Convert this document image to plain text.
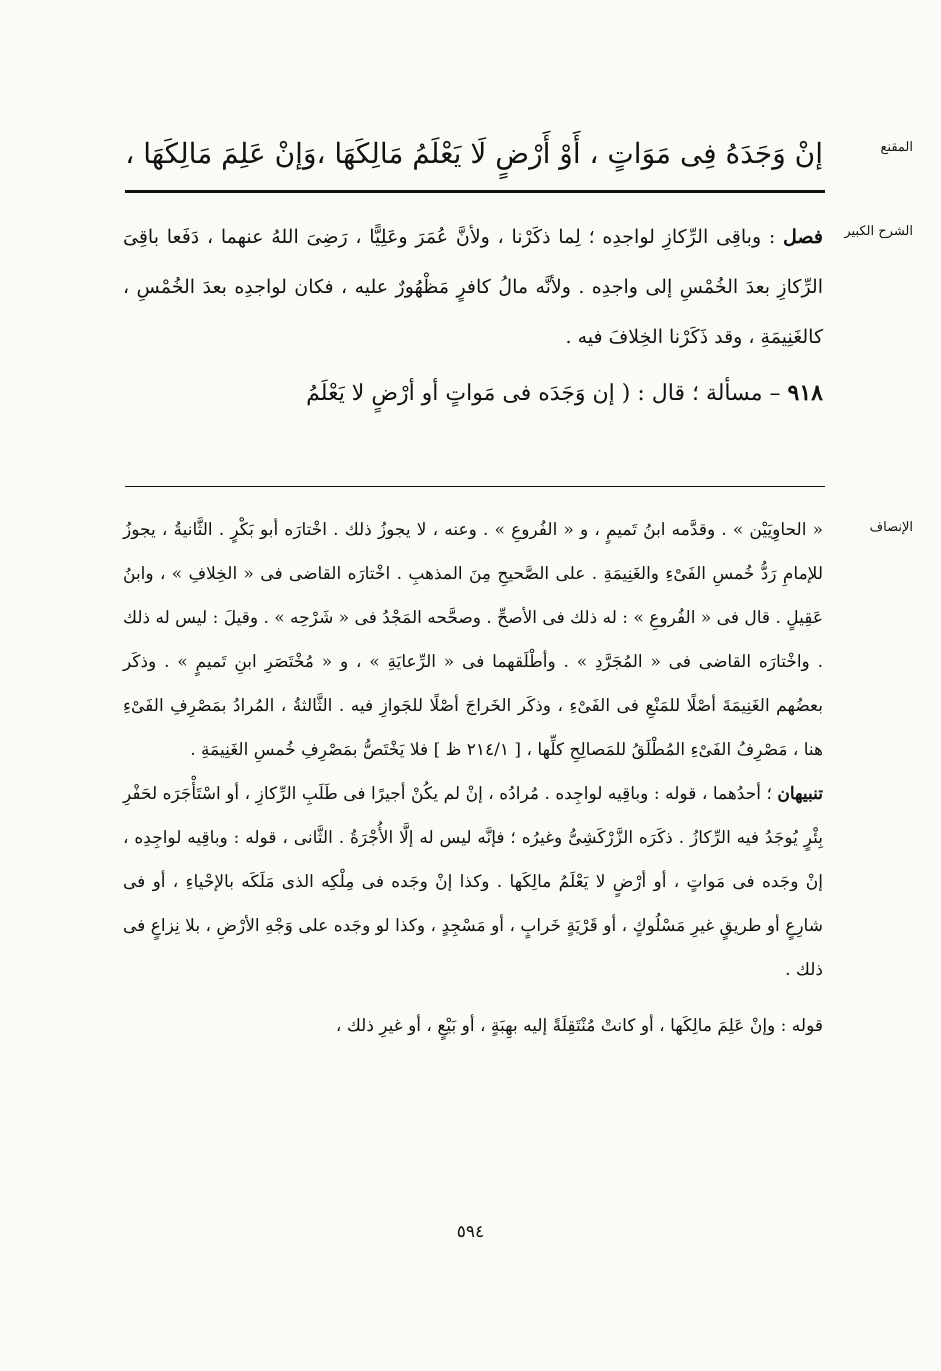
المقنع

إنْ وَجَدَهُ فِى مَوَاتٍ ، أَوْ أَرْضٍ لَا يَعْلَمُ مَالِكَهَا ،وَإنْ عَلِمَ مَالِكَهَا ،

الشرح الكبير

فصل : وباقِى الرِّكازِ لواجدِه ؛ لِما ذكَرْنا ، ولأنَّ عُمَرَ وعَلِيًّا ، رَضِىَ اللهُ عنهما ، دَفَعا باقِىَ الرِّكازِ بعدَ الخُمْسِ إلى واجدِه . ولأنَّه مالُ كافرٍ مَظْهُورٌ عليه ، فكان لواجدِه بعدَ الخُمْسِ ، كالغَنِيمَةِ ، وقد ذَكَرْنا الخِلافَ فيه .

٩١٨ – مسألة ؛ قال : ( إن وَجَدَه فى مَواتٍ أو أرْضٍ لا يَعْلَمُ

الإنصاف

« الحاوِيَيْن » . وقدَّمه ابنُ تَميمٍ ، و « الفُروعِ » . وعنه ، لا يجوزُ ذلك . اخْتارَه أبو بَكْرٍ . الثَّانيةُ ، يجوزُ للإمامِ رَدُّ خُمسِ الفَىْءِ والغَنِيمَةِ . على الصَّحيحِ مِنَ المذهبِ . اخْتارَه القاضى فى « الخِلافِ » ، وابنُ عَقِيلٍ . قال فى « الفُروعِ » : له ذلك فى الأصحِّ . وصحَّحه المَجْدُ فى « شَرْحِه » . وقيلَ : ليس له ذلك . واخْتارَه القاضى فى « المُجَرَّدِ » . وأطْلَقهما فى « الرِّعايَةِ » ، و « مُخْتَصَرِ ابنِ تَميمٍ » . وذكَر بعضُهم الغَنِيمَةَ أصْلًا للمَنْعِ فى الفَىْءِ ، وذكَر الخَراجَ أصْلًا للجَوازِ فيه . الثَّالثةُ ، المُرادُ بمَصْرِفِ الفَىْءِ هنا ، مَصْرِفُ الفَىْءِ المُطْلَقُ للمَصالِحِ كلِّها ، [ ٢١٤/١ ظ ] فلا يَخْتَصُّ بمَصْرِفِ خُمسِ الغَنِيمَةِ .

تنبيهان ؛ أحدُهما ، قوله : وباقِيه لواجِده . مُرادُه ، إنْ لم يكُنْ أجيرًا فى طَلَبِ الرِّكازِ ، أو اسْتَأْجَرَه لحَفْرِ بِئْرٍ يُوجَدُ فيه الرِّكازُ . ذكَرَه الزَّرْكَشِىُّ وغيرُه ؛ فإنَّه ليس له إلَّا الأُجْرَةُ . الثَّانى ، قوله : وباقِيه لواجِدِه ، إنْ وجَده فى مَواتٍ ، أو أرْضٍ لا يَعْلَمُ مالِكَها . وكذا إنْ وجَده فى مِلْكِه الذى مَلَكَه بالإحْياءِ ، أو فى شارِعٍ أو طريقٍ غيرِ مَسْلُوكٍ ، أو قَرْيَةٍ خَرابٍ ، أو مَسْجِدٍ ، وكذا لو وجَده على وَجْهِ الأرْضِ ، بلا نِزاعٍ فى ذلك .

قوله : وإنْ عَلِمَ مالِكَها ، أو كانتْ مُنْتَقِلَةً إليه بهِبَةٍ ، أو بَيْعٍ ، أو غيرِ ذلك ،

٥٩٤
